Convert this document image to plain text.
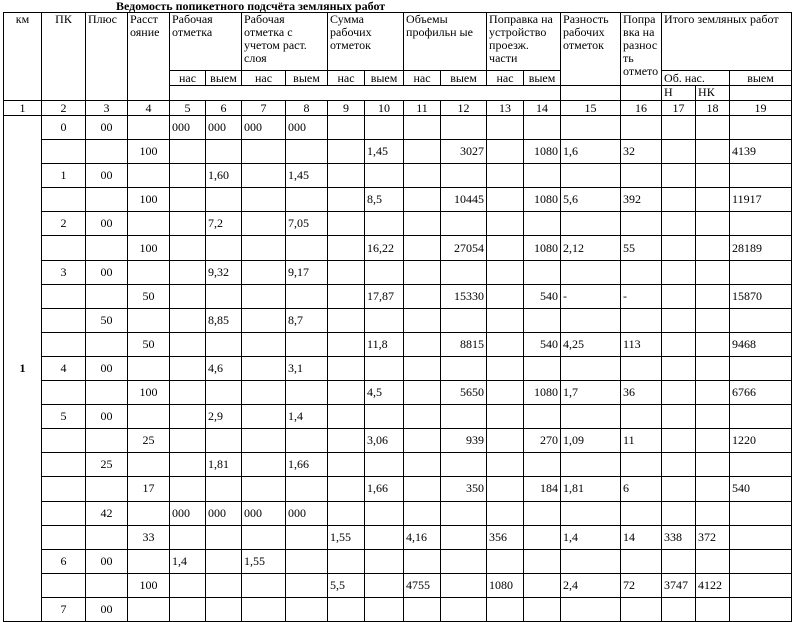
Ведомость попикетного подсчёта земляных работ
км	ПК	Плюс	Расст ояние	Рабочая отметка		Рабочая отметка с учетом раст. слоя		Сумма рабочих отметок		Объемы профильн ые		Поправка на устройство проезж. части		Разность рабочих отметок	Попра вка на разнос ть отмето	Итого земляных работ		
				нас	выем	нас	выем	нас	выем	нас	выем	нас	выем			Об. нас.		выем
																Н	НК	
1	2	3	4	5	6	7	8	9	10	11	12	13	14	15	16	17	18	19
1	0	00		000	000	000	000											
			100						1,45		3027		1080	1,6	32			4139
	1	00			1,60		1,45											
			100						8,5		10445		1080	5,6	392			11917
	2	00			7,2		7,05											
			100						16,22		27054		1080	2,12	55			28189
	3	00			9,32		9,17											
			50						17,87		15330		540	-	-			15870
		50			8,85		8,7											
			50						11,8		8815		540	4,25	113			9468
	4	00			4,6		3,1											
			100						4,5		5650		1080	1,7	36			6766
	5	00			2,9		1,4											
			25						3,06		939		270	1,09	11			1220
		25			1,81		1,66											
			17						1,66		350		184	1,81	6			540
		42		000	000	000	000											
			33					1,55		4,16		356		1,4	14	338	372	
	6	00		1,4		1,55												
			100					5,5		4755		1080		2,4	72	3747	4122	
	7	00																
